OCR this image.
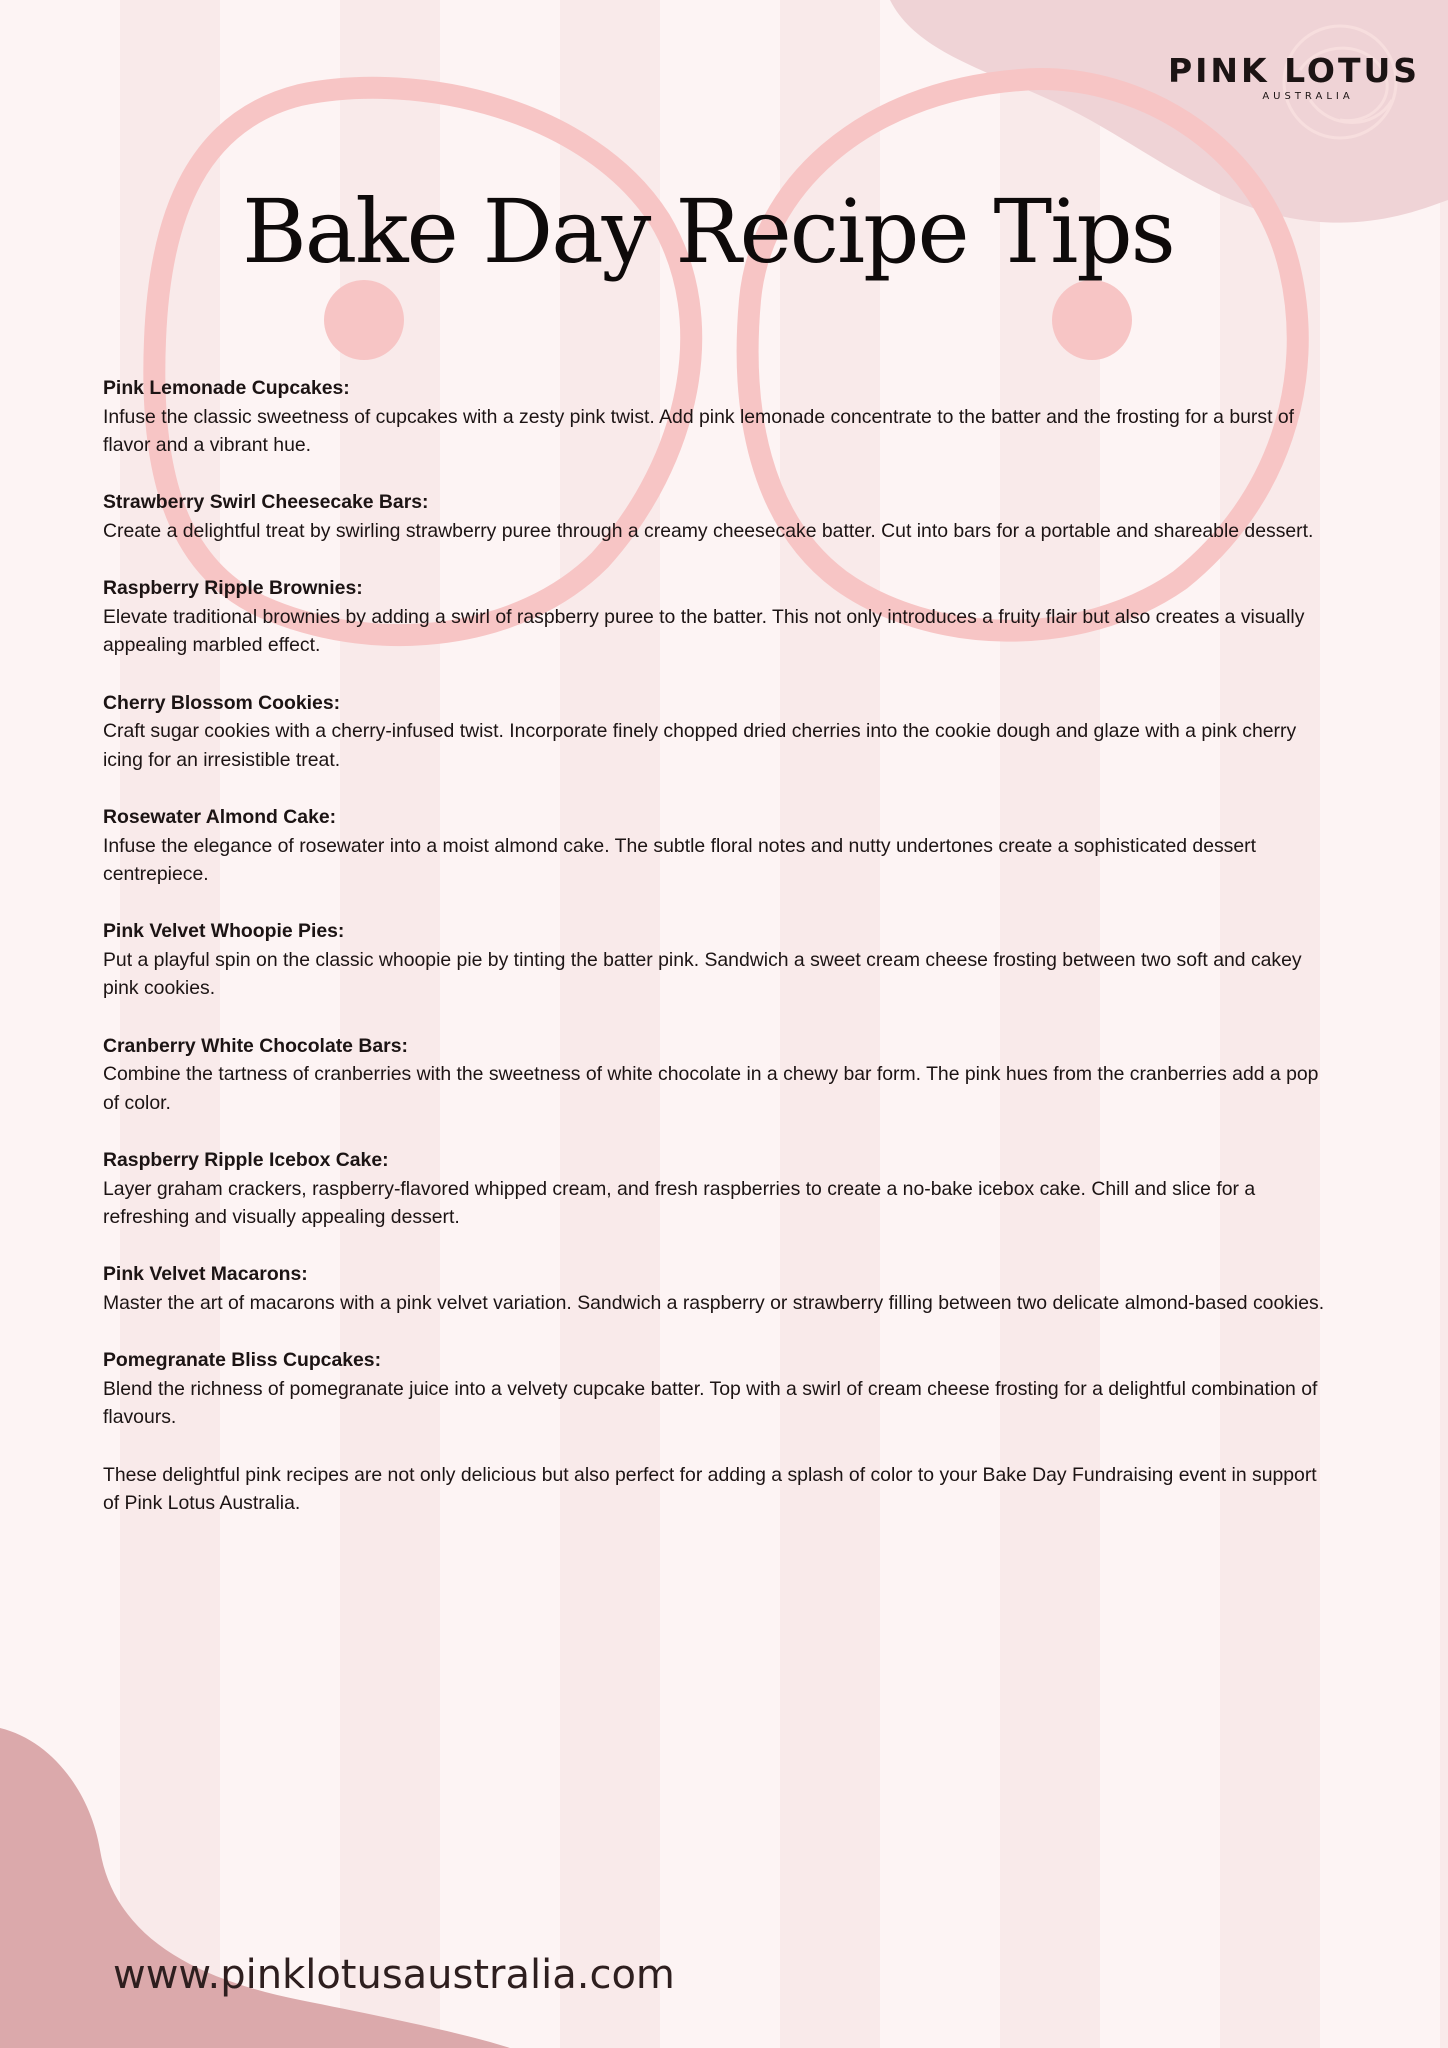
PINK LOTUS
AUSTRALIA
Bake Day Recipe Tips
Pink Lemonade Cupcakes:
Infuse the classic sweetness of cupcakes with a zesty pink twist. Add pink lemonade concentrate to the batter and the frosting for a burst of flavor and a vibrant hue.
Strawberry Swirl Cheesecake Bars:
Create a delightful treat by swirling strawberry puree through a creamy cheesecake batter. Cut into bars for a portable and shareable dessert.
Raspberry Ripple Brownies:
Elevate traditional brownies by adding a swirl of raspberry puree to the batter. This not only introduces a fruity flair but also creates a visually appealing marbled effect.
Cherry Blossom Cookies:
Craft sugar cookies with a cherry-infused twist. Incorporate finely chopped dried cherries into the cookie dough and glaze with a pink cherry icing for an irresistible treat.
Rosewater Almond Cake:
Infuse the elegance of rosewater into a moist almond cake. The subtle floral notes and nutty undertones create a sophisticated dessert centrepiece.
Pink Velvet Whoopie Pies:
Put a playful spin on the classic whoopie pie by tinting the batter pink. Sandwich a sweet cream cheese frosting between two soft and cakey pink cookies.
Cranberry White Chocolate Bars:
Combine the tartness of cranberries with the sweetness of white chocolate in a chewy bar form. The pink hues from the cranberries add a pop of color.
Raspberry Ripple Icebox Cake:
Layer graham crackers, raspberry-flavored whipped cream, and fresh raspberries to create a no-bake icebox cake. Chill and slice for a refreshing and visually appealing dessert.
Pink Velvet Macarons:
Master the art of macarons with a pink velvet variation. Sandwich a raspberry or strawberry filling between two delicate almond-based cookies.
Pomegranate Bliss Cupcakes:
Blend the richness of pomegranate juice into a velvety cupcake batter. Top with a swirl of cream cheese frosting for a delightful combination of flavours.

These delightful pink recipes are not only delicious but also perfect for adding a splash of color to your Bake Day Fundraising event in support of Pink Lotus Australia.

www.pinklotusaustralia.com
